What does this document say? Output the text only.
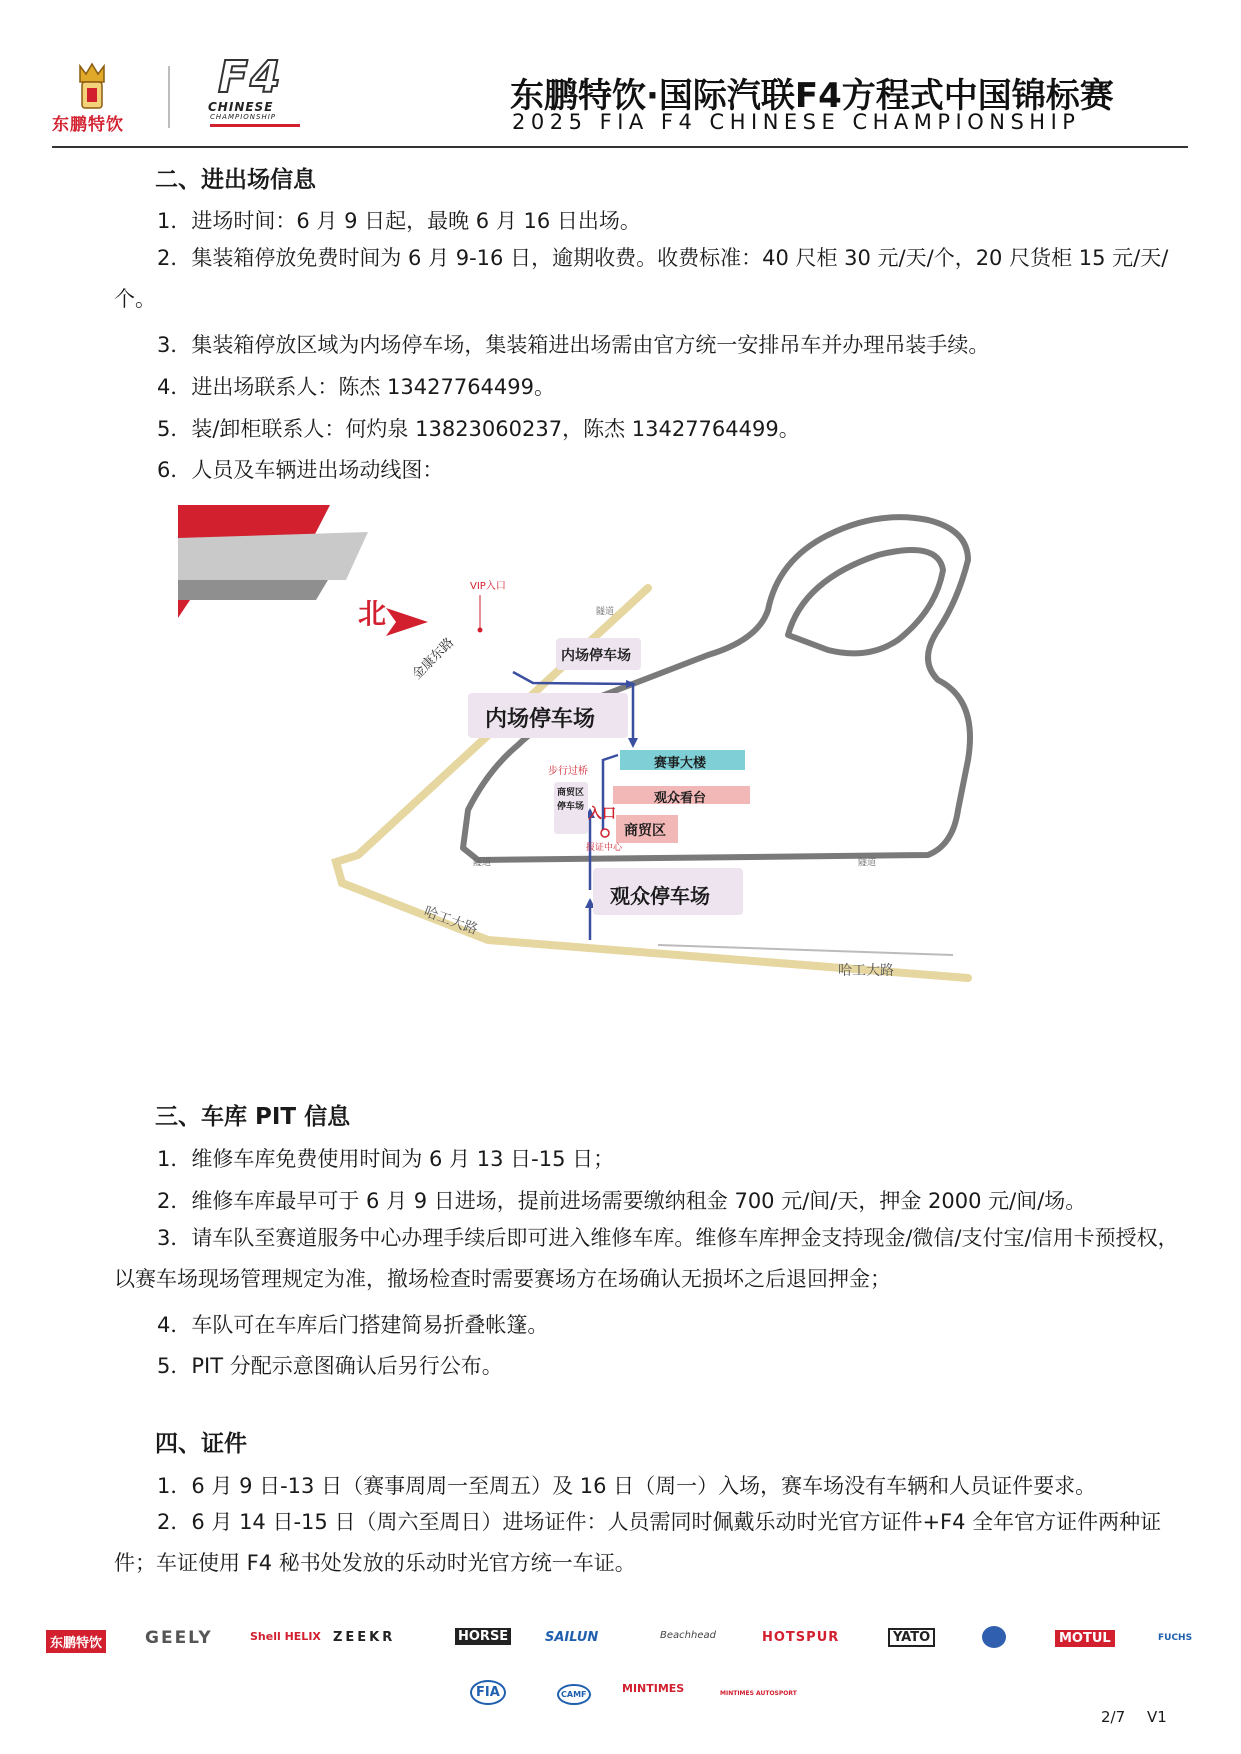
东鹏特饮
F4
CHINESE
CHAMPIONSHIP
东鹏特饮·国际汽联F4方程式中国锦标赛
2025 FIA F4 CHINESE CHAMPIONSHIP
二、进出场信息
1．进场时间：6 月 9 日起，最晚 6 月 16 日出场。
2．集装箱停放免费时间为 6 月 9-16 日，逾期收费。收费标准：40 尺柜 30 元/天/个，20 尺货柜 15 元/天/个。
3．集装箱停放区域为内场停车场，集装箱进出场需由官方统一安排吊车并办理吊装手续。
4．进出场联系人：陈杰 13427764499。
5．装/卸柜联系人：何灼泉 13823060237，陈杰 13427764499。
6．人员及车辆进出场动线图：
北
VIP入口
金康东路
哈工大路
哈工大路
隧道
隧道	隧道
内场停车场
内场停车场
赛事大楼
观众看台
商贸区
商贸区停车场
步行过桥
入口
报证中心
观众停车场
三、车库 PIT 信息
1．维修车库免费使用时间为 6 月 13 日-15 日；
2．维修车库最早可于 6 月 9 日进场，提前进场需要缴纳租金 700 元/间/天，押金 2000 元/间/场。
3．请车队至赛道服务中心办理手续后即可进入维修车库。维修车库押金支持现金/微信/支付宝/信用卡预授权，以赛车场现场管理规定为准，撤场检查时需要赛场方在场确认无损坏之后退回押金；
4．车队可在车库后门搭建简易折叠帐篷。
5．PIT 分配示意图确认后另行公布。
四、证件
1．6 月 9 日-13 日（赛事周周一至周五）及 16 日（周一）入场，赛车场没有车辆和人员证件要求。
2．6 月 14 日-15 日（周六至周日）进场证件：人员需同时佩戴乐动时光官方证件+F4 全年官方证件两种证件；车证使用 F4 秘书处发放的乐动时光官方统一车证。
东鹏特饮	GEELY	Shell HELIX ZEEKR	HORSE	SAILUN	Beachhead	HOTSPUR	YATO	MOTUL	FUCHS
FIA	CAMF	MINTIMES	MINTIMES AUTOSPORT
2/7 V1
